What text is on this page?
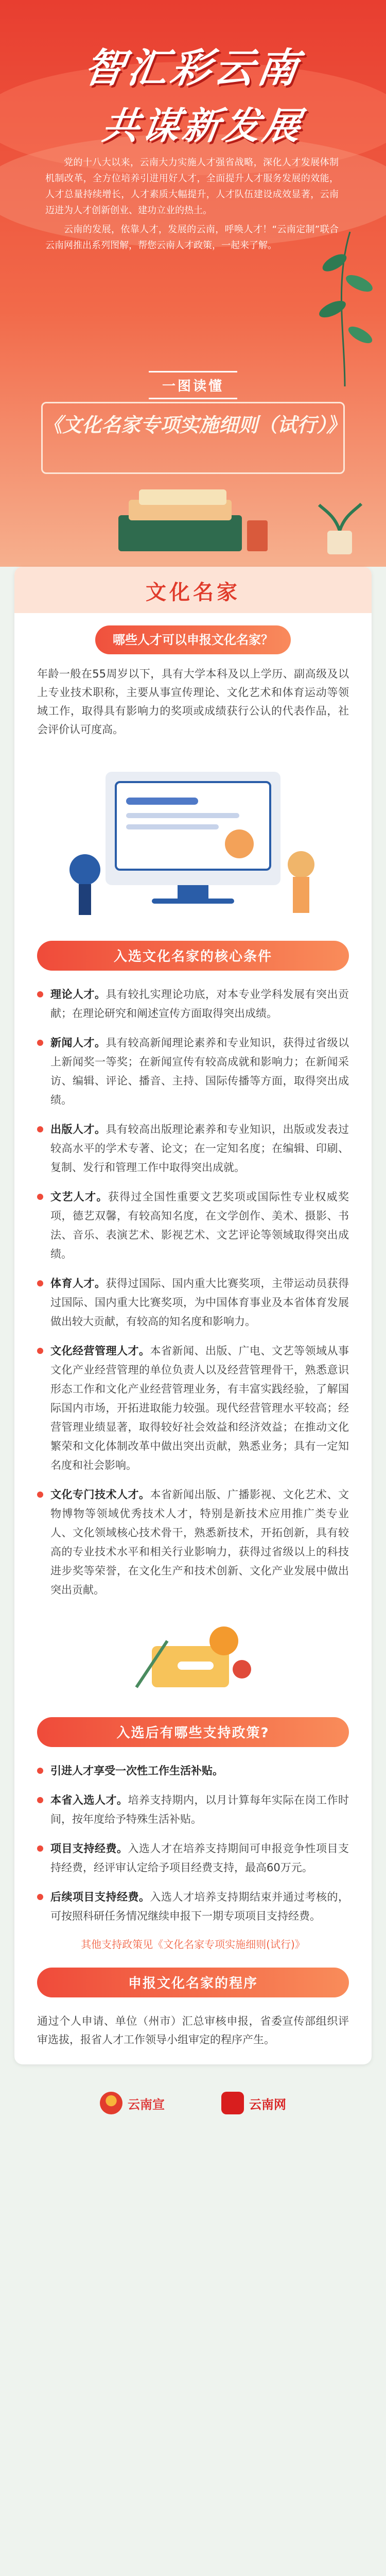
智汇彩云南
共谋新发展

党的十八大以来，云南大力实施人才强省战略，深化人才发展体制机制改革，全方位培养引进用好人才，全面提升人才服务发展的效能，人才总量持续增长，人才素质大幅提升，人才队伍建设成效显著，云南迈进为人才创新创业、建功立业的热土。

云南的发展，依靠人才，发展的云南，呼唤人才！“云南定制”联合云南网推出系列图解，帮您云南人才政策，一起来了解。

一图读懂
《文化名家专项实施细则（试行）》
文化名家
哪些人才可以申报文化名家？

年龄一般在55周岁以下，具有大学本科及以上学历、副高级及以上专业技术职称，主要从事宣传理论、文化艺术和体育运动等领域工作，取得具有影响力的奖项或成绩获行公认的代表作品，社会评价认可度高。

入选文化名家的核心条件
理论人才。具有较扎实理论功底，对本专业学科发展有突出贡献；在理论研究和阐述宣传方面取得突出成绩。
新闻人才。具有较高新闻理论素养和专业知识，获得过省级以上新闻奖一等奖；在新闻宣传有较高成就和影响力；在新闻采访、编辑、评论、播音、主持、国际传播等方面，取得突出成绩。
出版人才。具有较高出版理论素养和专业知识，出版或发表过较高水平的学术专著、论文；在一定知名度；在编辑、印刷、复制、发行和管理工作中取得突出成就。
文艺人才。获得过全国性重要文艺奖项或国际性专业权威奖项，德艺双馨，有较高知名度，在文学创作、美术、摄影、书法、音乐、表演艺术、影视艺术、文艺评论等领域取得突出成绩。
体育人才。获得过国际、国内重大比赛奖项，主带运动员获得过国际、国内重大比赛奖项，为中国体育事业及本省体育发展做出较大贡献，有较高的知名度和影响力。
文化经营管理人才。本省新闻、出版、广电、文艺等领域从事文化产业经营管理的单位负责人以及经营管理骨干，熟悉意识形态工作和文化产业经营管理业务，有丰富实践经验，了解国际国内市场，开拓进取能力较强。现代经营管理水平较高；经营管理业绩显著，取得较好社会效益和经济效益；在推动文化繁荣和文化体制改革中做出突出贡献，熟悉业务；具有一定知名度和社会影响。
文化专门技术人才。本省新闻出版、广播影视、文化艺术、文物博物等领域优秀技术人才，特别是新技术应用推广类专业人、文化领域核心技术骨干，熟悉新技术，开拓创新，具有较高的专业技术水平和相关行业影响力，获得过省级以上的科技进步奖等荣誉，在文化生产和技术创新、文化产业发展中做出突出贡献。
入选后有哪些支持政策?
引进人才享受一次性工作生活补贴。
本省入选人才。培养支持期内，以月计算每年实际在岗工作时间，按年度给予特殊生活补贴。
项目支持经费。入选人才在培养支持期间可申报竞争性项目支持经费，经评审认定给予项目经费支持，最高60万元。
后续项目支持经费。入选人才培养支持期结束并通过考核的，可按照科研任务情况继续申报下一期专项项目支持经费。
其他支持政策见《文化名家专项实施细则(试行)》
申报文化名家的程序

通过个人申请、单位（州市）汇总审核申报，省委宣传部组织评审选拔，报省人才工作领导小组审定的程序产生。

云南宣	云南网
